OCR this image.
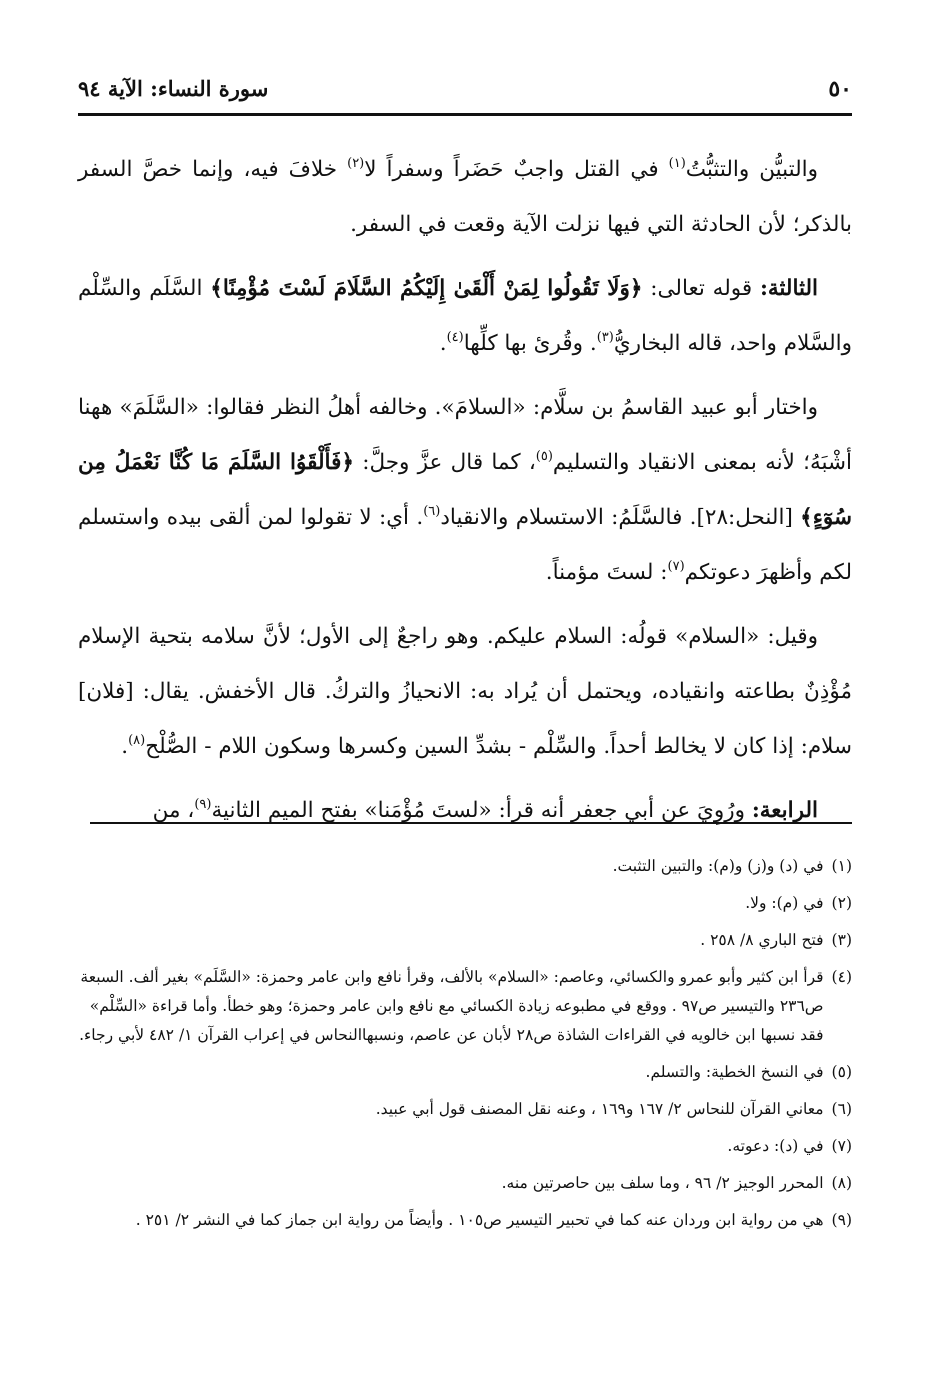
٥٠
سورة النساء: الآية ٩٤

والتبيُّن والتثبُّتُ$^{(١)}$ في القتل واجبٌ حَضَراً وسفراً لا$^{(٢)}$ خلافَ فيه، وإنما خصَّ السفر بالذكر؛ لأن الحادثة التي فيها نزلت الآية وقعت في السفر.

الثالثة: قوله تعالى: ﴿وَلَا تَقُولُوا لِمَنْ أَلْقَىٰ إِلَيْكُمُ السَّلَامَ لَسْتَ مُؤْمِنًا﴾ السَّلَم والسِّلْم والسَّلام واحد، قاله البخاريُّ$^{(٣)}$. وقُرئ بها كلِّها$^{(٤)}$.

واختار أبو عبيد القاسمُ بن سلَّام: «السلامَ». وخالفه أهلُ النظر فقالوا: «السَّلَمَ» ههنا أشْبَهُ؛ لأنه بمعنى الانقياد والتسليم$^{(٥)}$، كما قال عزَّ وجلَّ: ﴿فَأَلْقَوُا السَّلَمَ مَا كُنَّا نَعْمَلُ مِن سُوٓءٍ﴾ [النحل:٢٨]. فالسَّلَمُ: الاستسلام والانقياد$^{(٦)}$. أي: لا تقولوا لمن ألقى بيده واستسلم لكم وأظهرَ دعوتكم$^{(٧)}$: لستَ مؤمناً.

وقيل: «السلام» قولُه: السلام عليكم. وهو راجعٌ إلى الأول؛ لأنَّ سلامه بتحية الإسلام مُؤْذِنٌ بطاعته وانقياده، ويحتمل أن يُراد به: الانحيازُ والتركُ. قال الأخفش. يقال: [فلان] سلام: إذا كان لا يخالط أحداً. والسِّلْم - بشدِّ السين وكسرها وسكون اللام - الصُّلْح$^{(٨)}$.

الرابعة: ورُوِيَ عن أبي جعفر أنه قرأ: «لستَ مُؤْمَنا» بفتح الميم الثانية$^{(٩)}$، من

(١)
في (د) و(ز) و(م): والتبين التثبت.
(٢)
في (م): ولا.
(٣)
فتح الباري ٨/ ٢٥٨ .
(٤)
قرأ ابن كثير وأبو عمرو والكسائي، وعاصم: «السلام» بالألف، وقرأ نافع وابن عامر وحمزة: «السَّلَم» بغير ألف. السبعة ص٢٣٦ والتيسير ص٩٧ . ووقع في مطبوعه زيادة الكسائي مع نافع وابن عامر وحمزة؛ وهو خطأ. وأما قراءة «السِّلْم» فقد نسبها ابن خالويه في القراءات الشاذة ص٢٨ لأبان عن عاصم، ونسبهاالنحاس في إعراب القرآن ١/ ٤٨٢ لأبي رجاء.
(٥)
في النسخ الخطية: والتسلم.
(٦)
معاني القرآن للنحاس ٢/ ١٦٧ و١٦٩ ، وعنه نقل المصنف قول أبي عبيد.
(٧)
في (د): دعوته.
(٨)
المحرر الوجيز ٢/ ٩٦ ، وما سلف بين حاصرتين منه.
(٩)
هي من رواية ابن وردان عنه كما في تحبير التيسير ص١٠٥ . وأيضاً من رواية ابن جماز كما في النشر ٢/ ٢٥١ .
